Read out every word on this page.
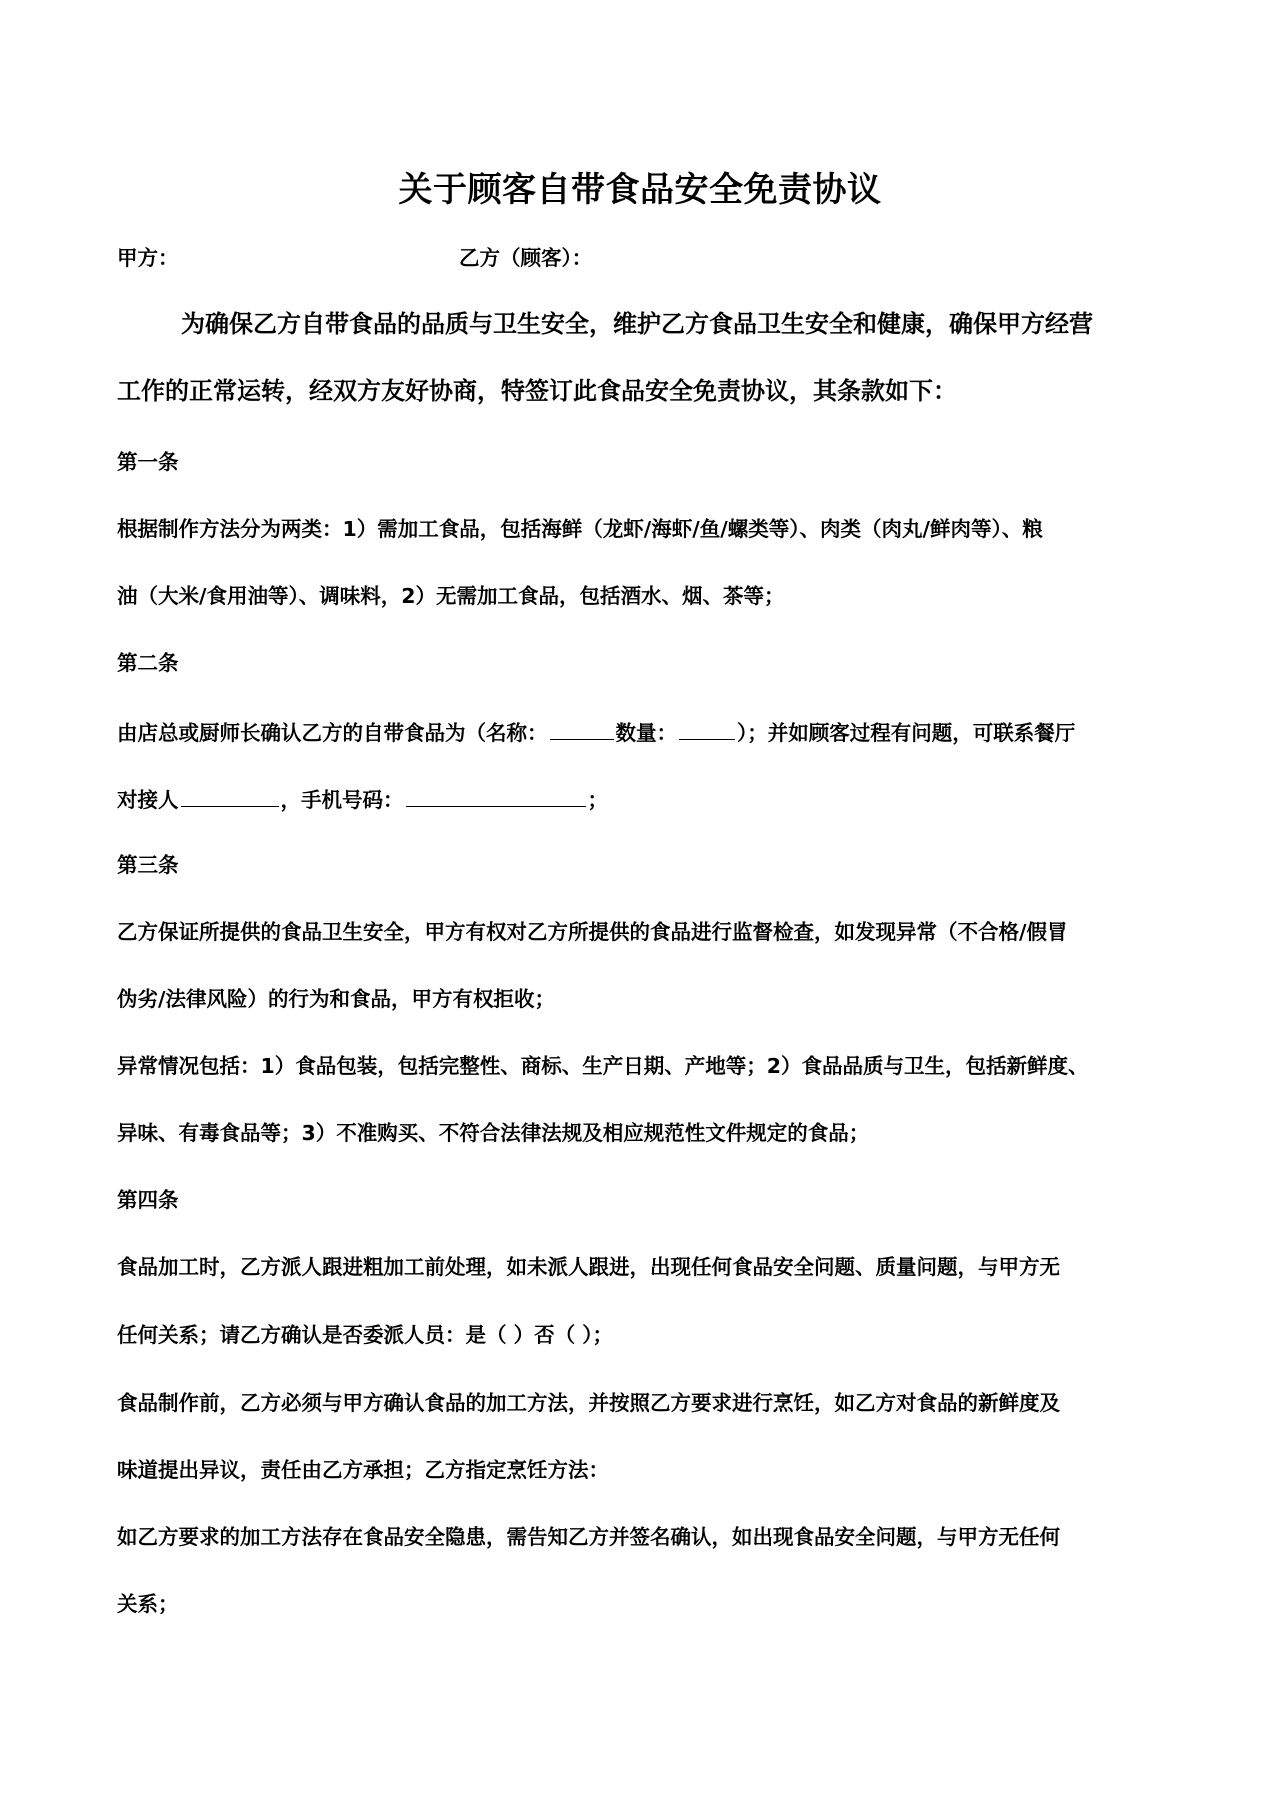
关于顾客自带食品安全免责协议
甲方：	乙方（顾客）：
为确保乙方自带食品的品质与卫生安全，维护乙方食品卫生安全和健康，确保甲方经营
工作的正常运转，经双方友好协商，特签订此食品安全免责协议，其条款如下：
第一条
根据制作方法分为两类：1）需加工食品，包括海鲜（龙虾/海虾/鱼/螺类等）、肉类（肉丸/鲜肉等）、粮
油（大米/食用油等）、调味料，2）无需加工食品，包括酒水、烟、茶等；
第二条
由店总或厨师长确认乙方的自带食品为（名称：	数量：	）；并如顾客过程有问题，可联系餐厅
对接人	，手机号码：	；
第三条
乙方保证所提供的食品卫生安全，甲方有权对乙方所提供的食品进行监督检查，如发现异常（不合格/假冒
伪劣/法律风险）的行为和食品，甲方有权拒收；
异常情况包括：1）食品包装，包括完整性、商标、生产日期、产地等；2）食品品质与卫生，包括新鲜度、
异味、有毒食品等；3）不准购买、不符合法律法规及相应规范性文件规定的食品；
第四条
食品加工时，乙方派人跟进粗加工前处理，如未派人跟进，出现任何食品安全问题、质量问题，与甲方无
任何关系；请乙方确认是否委派人员：是（ ）否（ ）；
食品制作前，乙方必须与甲方确认食品的加工方法，并按照乙方要求进行烹饪，如乙方对食品的新鲜度及
味道提出异议，责任由乙方承担；乙方指定烹饪方法：
如乙方要求的加工方法存在食品安全隐患，需告知乙方并签名确认，如出现食品安全问题，与甲方无任何
关系；
